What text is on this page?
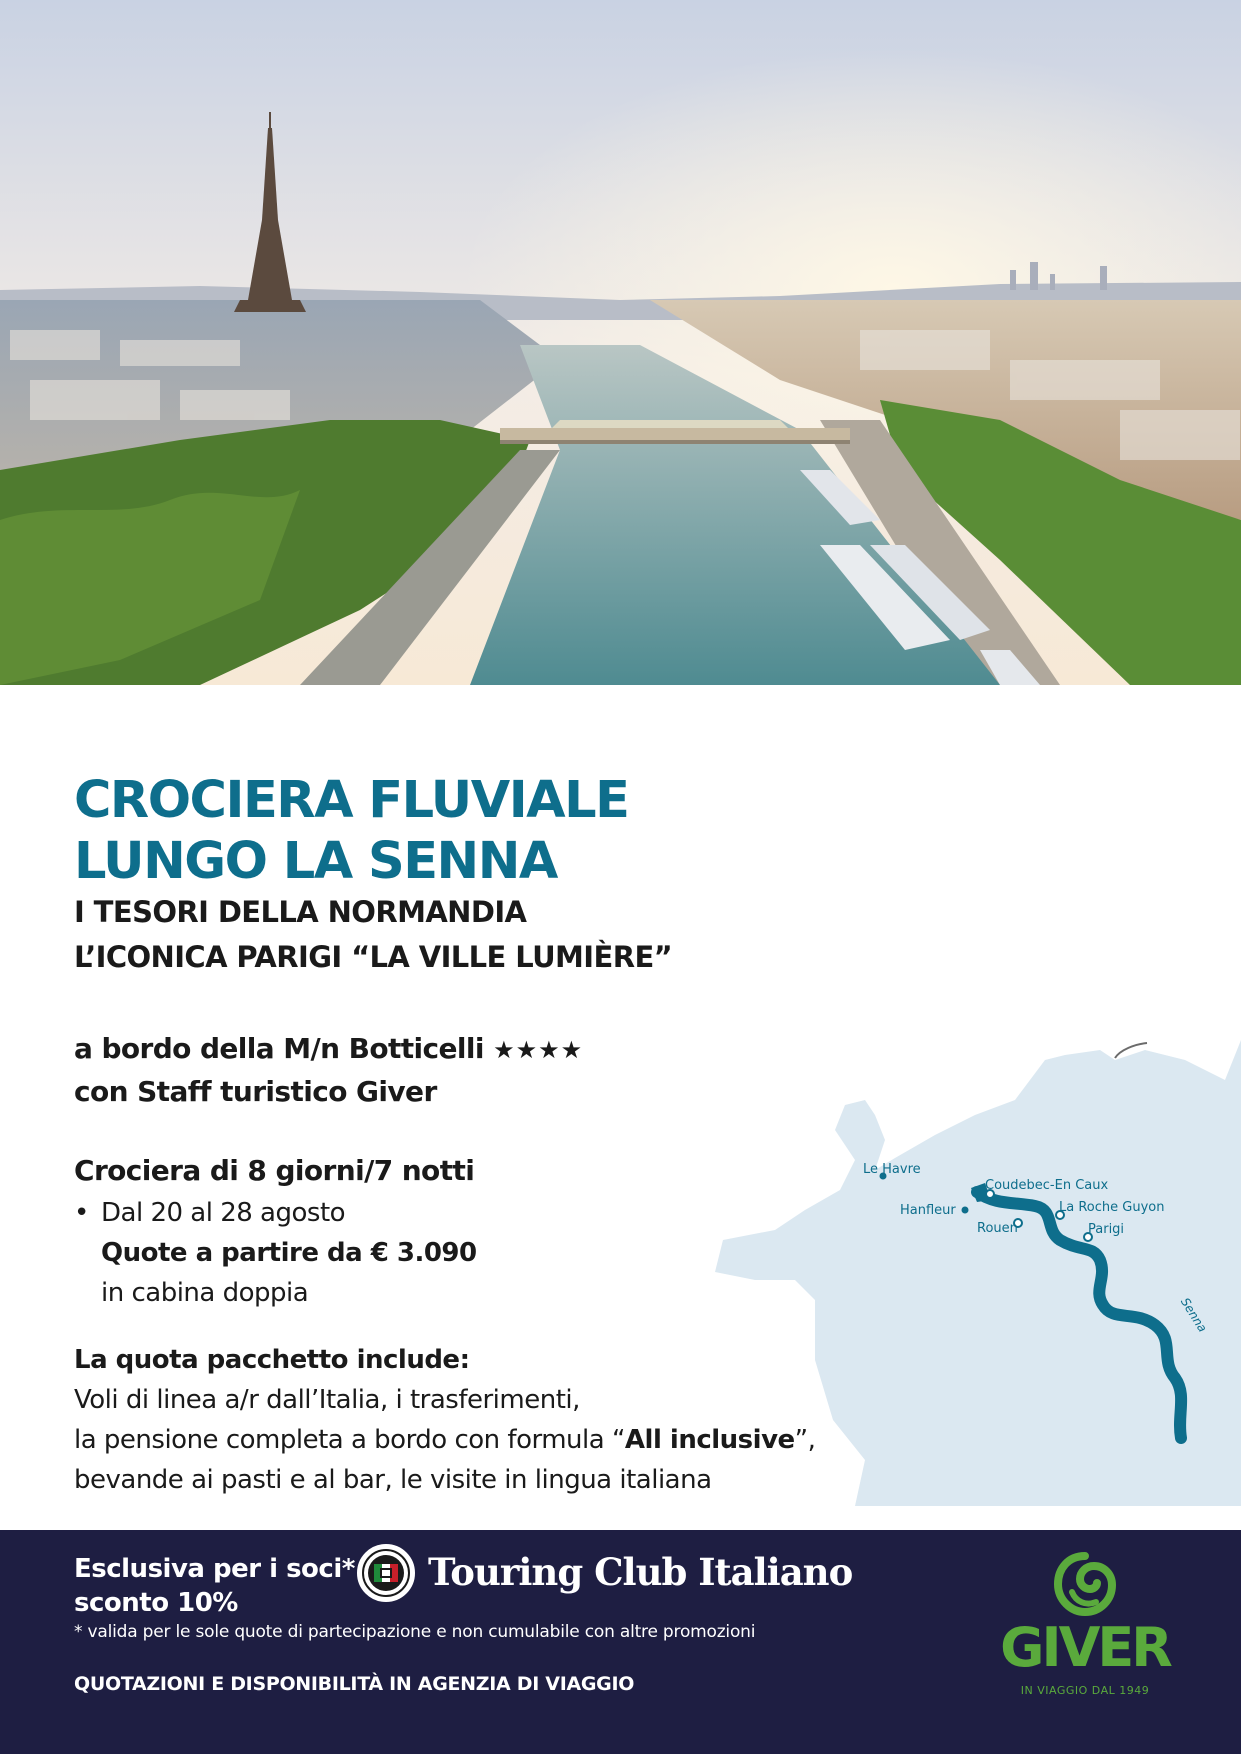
CROCIERA FLUVIALE
LUNGO LA SENNA
I TESORI DELLA NORMANDIA
L’ICONICA PARIGI “LA VILLE LUMIÈRE”
a bordo della M/n Botticelli ★★★★
con Staff turistico Giver
Crociera di 8 giorni/7 notti
• Dal 20 al 28 agosto
Quote a partire da € 3.090
in cabina doppia
La quota pacchetto include:
Voli di linea a/r dall’Italia, i trasferimenti,
la pensione completa a bordo con formula “All inclusive”,
bevande ai pasti e al bar, le visite in lingua italiana
Le Havre
Hanfleur
Coudebec-En Caux
Rouen
La Roche Guyon
Parigi
Senna
Esclusiva per i soci* Touring Club Italiano
sconto 10%
* valida per le sole quote di partecipazione e non cumulabile con altre promozioni
QUOTAZIONI E DISPONIBILITÀ IN AGENZIA DI VIAGGIO
GIVER
IN VIAGGIO DAL 1949
